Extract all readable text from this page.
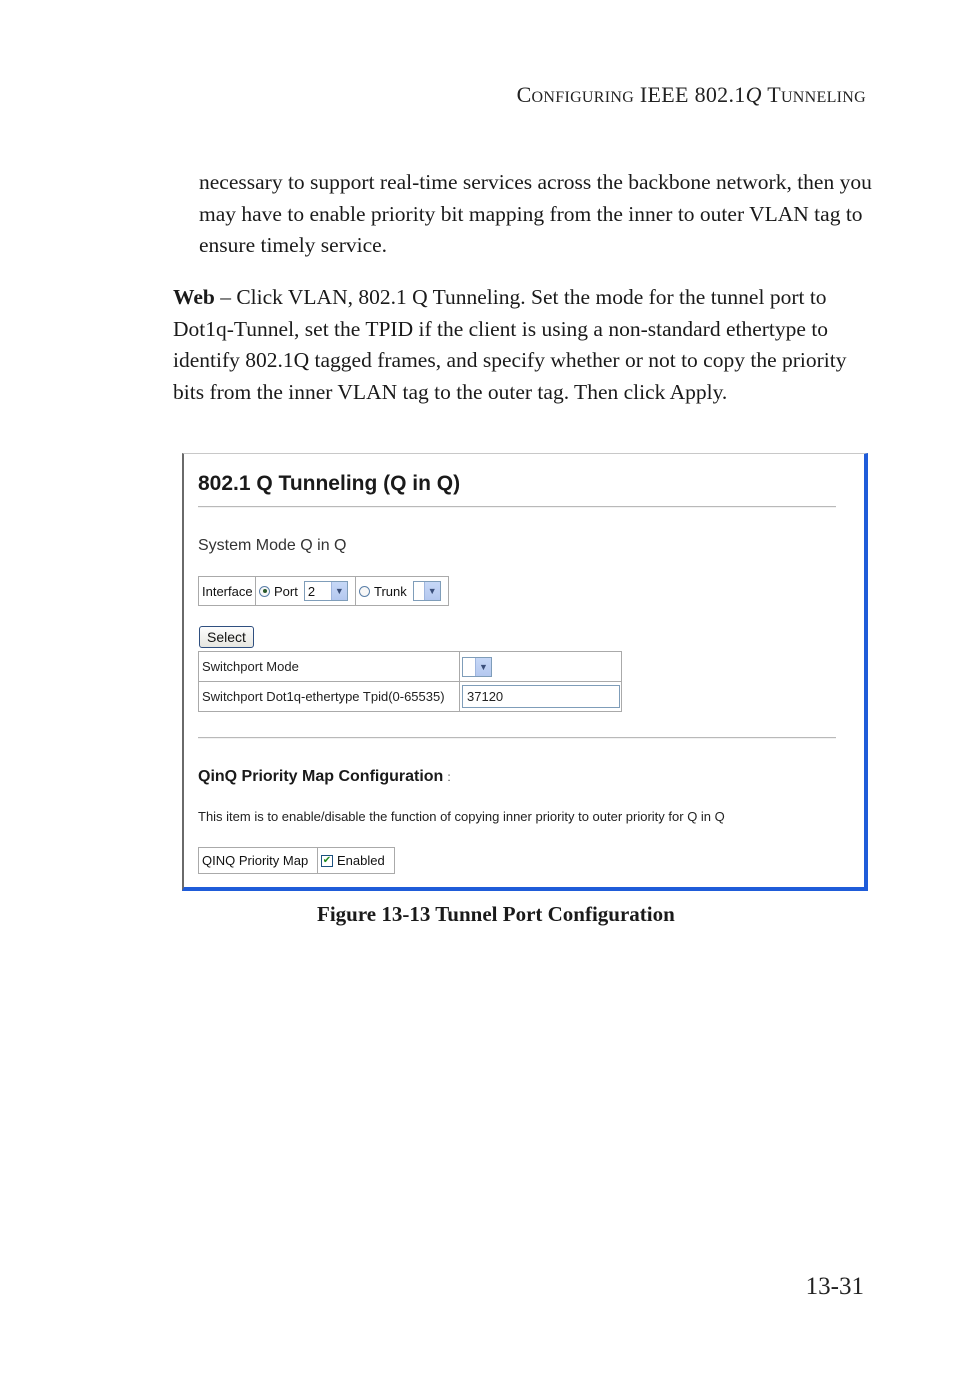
CONFIGURING IEEE 802.1Q TUNNELING
necessary to support real-time services across the backbone network, then you may have to enable priority bit mapping from the inner to outer VLAN tag to ensure timely service.
Web – Click VLAN, 802.1 Q Tunneling. Set the mode for the tunnel port to Dot1q-Tunnel, set the TPID if the client is using a non-standard ethertype to identify 802.1Q tagged frames, and specify whether or not to copy the priority bits from the inner VLAN tag to the outer tag. Then click Apply.
802.1 Q Tunneling (Q in Q)
System Mode Q in Q
Interface Port 2	▼ Trunk	▼
Select
Switchport Mode	▼
Switchport Dot1q-ethertype Tpid(0-65535)	37120
QinQ Priority Map Configuration :
This item is to enable/disable the function of copying inner priority to outer priority for Q in Q
QINQ Priority Map	✔ Enabled
Figure 13-13 Tunnel Port Configuration
13-31
